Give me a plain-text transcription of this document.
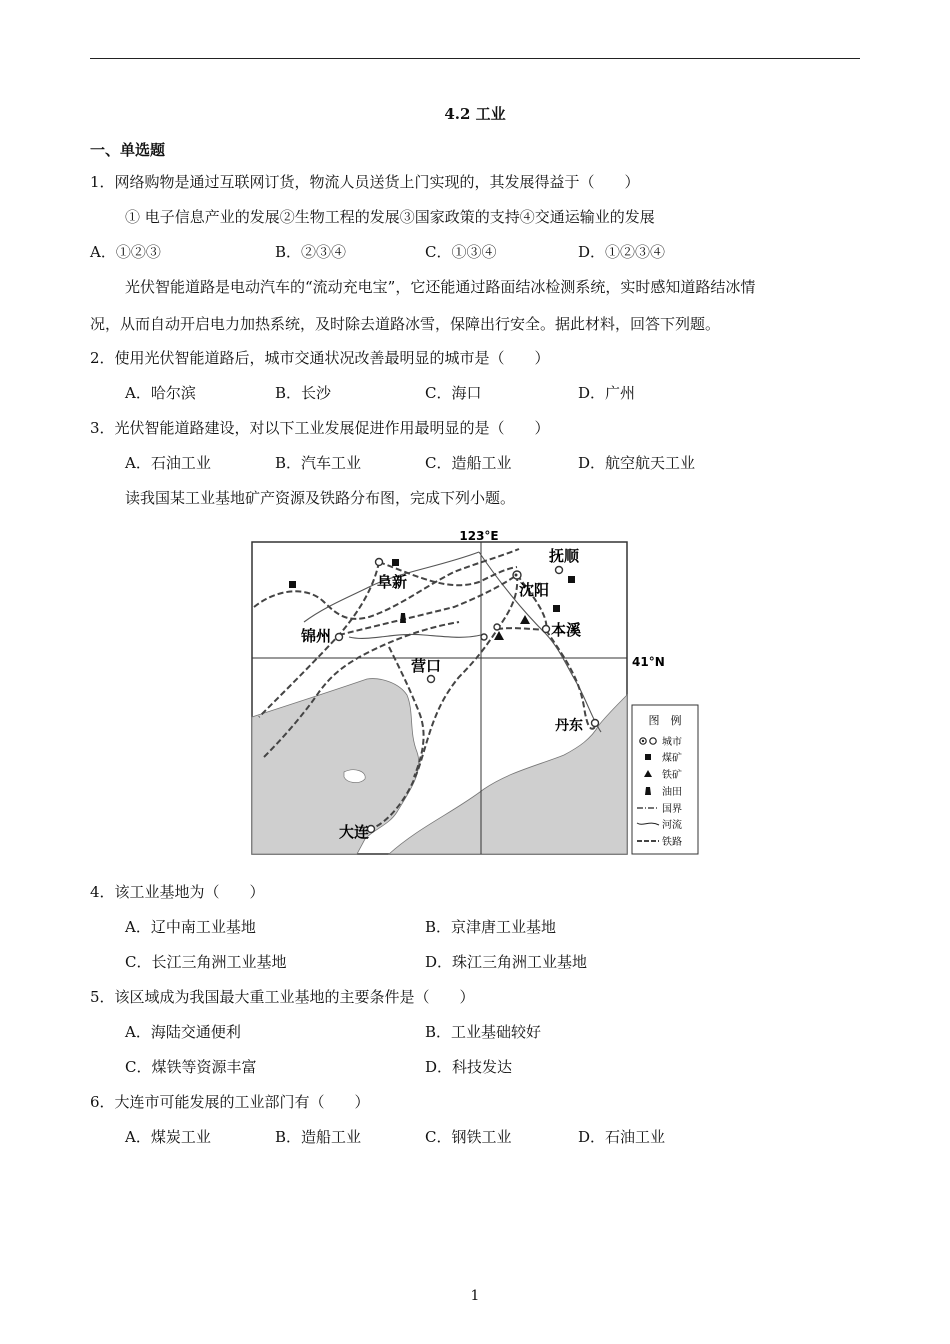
4.2 工业
一、单选题
1．网络购物是通过互联网订货，物流人员送货上门实现的，其发展得益于（　　）
① 电子信息产业的发展②生物工程的发展③国家政策的支持④交通运输业的发展
A．①②③	B．②③④	C．①③④	D．①②③④
光伏智能道路是电动汽车的“流动充电宝”，它还能通过路面结冰检测系统，实时感知道路结冰情
况，从而自动开启电力加热系统，及时除去道路冰雪，保障出行安全。据此材料，回答下列题。
2．使用光伏智能道路后，城市交通状况改善最明显的城市是（　　）
A．哈尔滨	B．长沙	C．海口	D．广州
3．光伏智能道路建设，对以下工业发展促进作用最明显的是（　　）
A．石油工业	B．汽车工业	C．造船工业	D．航空航天工业
读我国某工业基地矿产资源及铁路分布图，完成下列小题。
123°E
41°N
抚顺
阜新	沈阳
锦州	本溪
营口
丹东
大连
图　例
城市
煤矿
铁矿
油田
国界
河流
铁路
4．该工业基地为（　　）
A．辽中南工业基地	B．京津唐工业基地
C．长江三角洲工业基地	D．珠江三角洲工业基地
5．该区域成为我国最大重工业基地的主要条件是（　　）
A．海陆交通便利	B．工业基础较好
C．煤铁等资源丰富	D．科技发达
6．大连市可能发展的工业部门有（　　）
A．煤炭工业	B．造船工业	C．钢铁工业	D．石油工业
1
